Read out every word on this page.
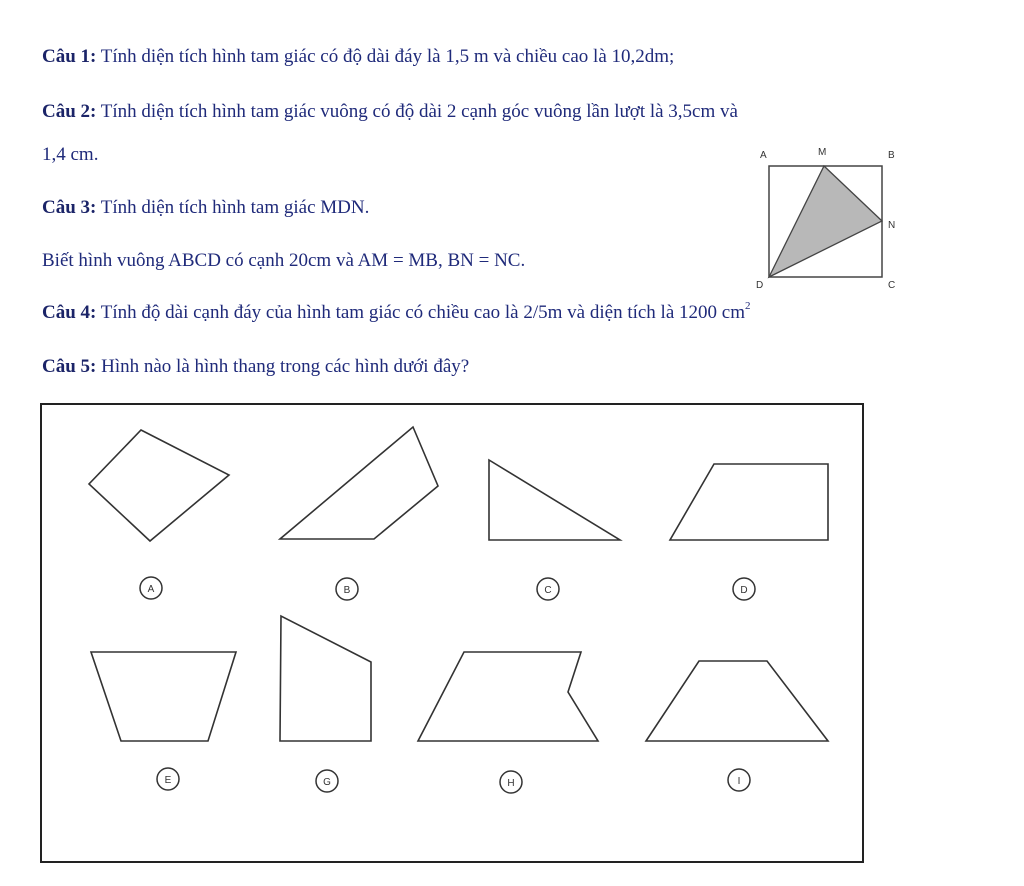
Câu 1: Tính diện tích hình tam giác có độ dài đáy là 1,5 m và chiều cao là 10,2dm;
Câu 2: Tính diện tích hình tam giác vuông có độ dài 2 cạnh góc vuông lần lượt là 3,5cm và
1,4 cm.
Câu 3: Tính diện tích hình tam giác MDN.
Biết hình vuông ABCD có cạnh 20cm và AM = MB, BN = NC.
Câu 4: Tính độ dài cạnh đáy của hình tam giác có chiều cao là 2/5m và diện tích là 1200 $cm^2$
Câu 5: Hình nào là hình thang trong các hình dưới đây?
A	M	B
N
D	C
A	B	C	D
E	G	H	I
